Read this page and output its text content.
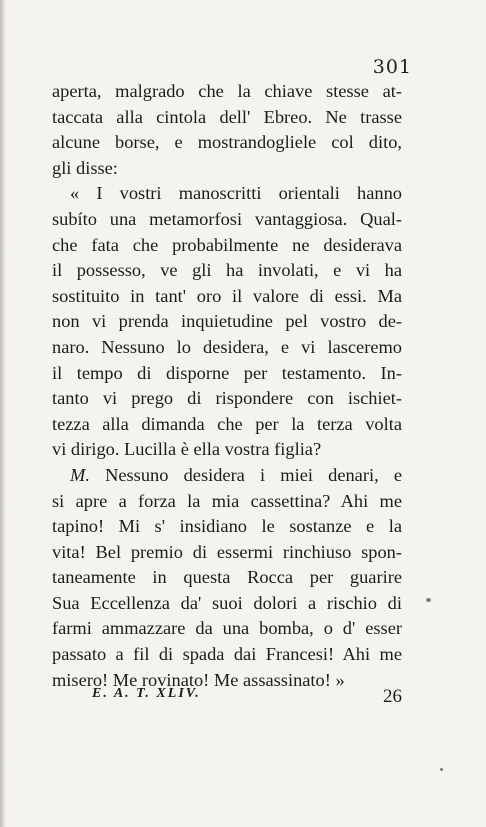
301
aperta, malgrado che la chiave stesse at-
taccata alla cintola dell' Ebreo. Ne trasse
alcune borse, e mostrandogliele col dito,
gli disse:
« I vostri manoscritti orientali hanno
subíto una metamorfosi vantaggiosa. Qual-
che fata che probabilmente ne desiderava
il possesso, ve gli ha involati, e vi ha
sostituito in tant' oro il valore di essi. Ma
non vi prenda inquietudine pel vostro de-
naro. Nessuno lo desidera, e vi lasceremo
il tempo di disporne per testamento. In-
tanto vi prego di rispondere con ischiet-
tezza alla dimanda che per la terza volta
vi dirigo. Lucilla è ella vostra figlia?
M. Nessuno desidera i miei denari, e
si apre a forza la mia cassettina? Ahi me
tapino! Mi s' insidiano le sostanze e la
vita! Bel premio di essermi rinchiuso spon-
taneamente in questa Rocca per guarire
Sua Eccellenza da' suoi dolori a rischio di
farmi ammazzare da una bomba, o d' esser
passato a fil di spada dai Francesi! Ahi me
misero! Me rovinato! Me assassinato! »
E. A. T. XLIV.	26
